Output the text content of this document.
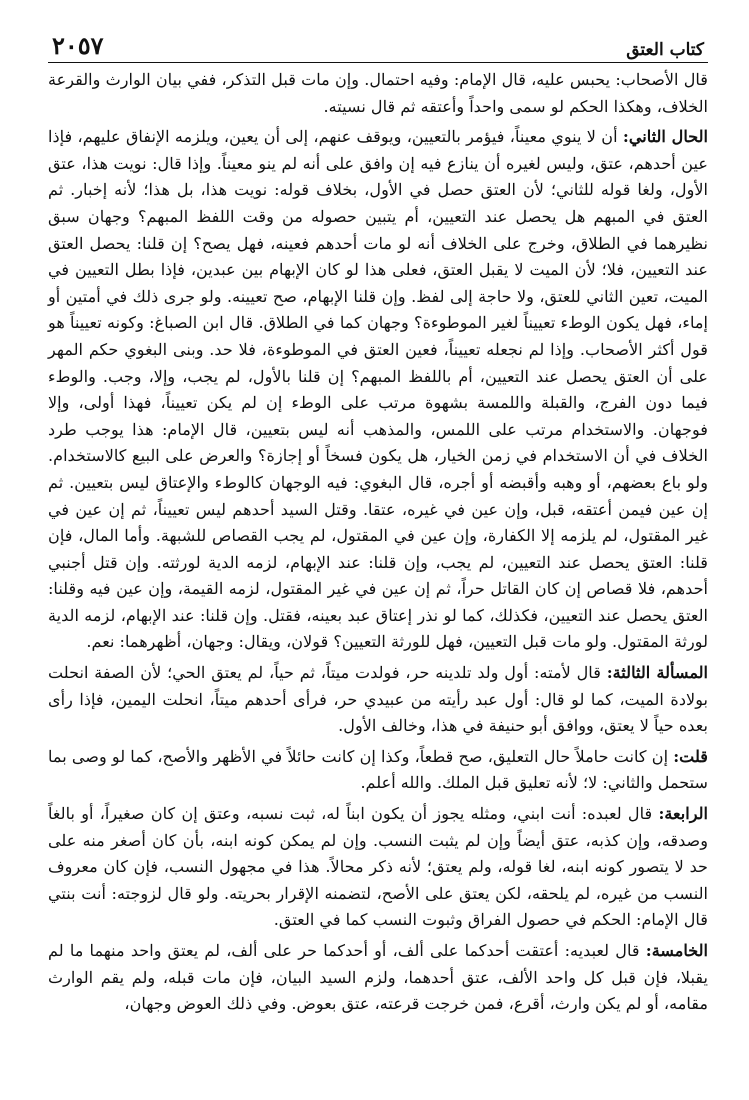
كتاب العتق
٢٠٥٧

قال الأصحاب: يحبس عليه، قال الإمام: وفيه احتمال. وإن مات قبل التذكر، ففي بيان الوارث والقرعة الخلاف، وهكذا الحكم لو سمى واحداً وأعتقه ثم قال نسيته.

الحال الثاني: أن لا ينوي معيناً، فيؤمر بالتعيين، ويوقف عنهم، إلى أن يعين، ويلزمه الإنفاق عليهم، فإذا عين أحدهم، عتق، وليس لغيره أن ينازع فيه إن وافق على أنه لم ينو معيناً. وإذا قال: نويت هذا، عتق الأول، ولغا قوله للثاني؛ لأن العتق حصل في الأول، بخلاف قوله: نويت هذا، بل هذا؛ لأنه إخبار. ثم العتق في المبهم هل يحصل عند التعيين، أم يتبين حصوله من وقت اللفظ المبهم؟ وجهان سبق نظيرهما في الطلاق، وخرج على الخلاف أنه لو مات أحدهم فعينه، فهل يصح؟ إن قلنا: يحصل العتق عند التعيين، فلا؛ لأن الميت لا يقبل العتق، فعلى هذا لو كان الإبهام بين عبدين، فإذا بطل التعيين في الميت، تعين الثاني للعتق، ولا حاجة إلى لفظ. وإن قلنا الإبهام، صح تعيينه. ولو جرى ذلك في أمتين أو إماء، فهل يكون الوطء تعييناً لغير الموطوءة؟ وجهان كما في الطلاق. قال ابن الصباغ: وكونه تعييناً هو قول أكثر الأصحاب. وإذا لم نجعله تعييناً، فعين العتق في الموطوءة، فلا حد. وبنى البغوي حكم المهر على أن العتق يحصل عند التعيين، أم باللفظ المبهم؟ إن قلنا بالأول، لم يجب، وإلا، وجب. والوطء فيما دون الفرج، والقبلة واللمسة بشهوة مرتب على الوطء إن لم يكن تعييناً، فهذا أولى، وإلا فوجهان. والاستخدام مرتب على اللمس، والمذهب أنه ليس بتعيين، قال الإمام: هذا يوجب طرد الخلاف في أن الاستخدام في زمن الخيار، هل يكون فسخاً أو إجازة؟ والعرض على البيع كالاستخدام. ولو باع بعضهم، أو وهبه وأقبضه أو أجره، قال البغوي: فيه الوجهان كالوطء والإعتاق ليس بتعيين. ثم إن عين فيمن أعتقه، قبل، وإن عين في غيره، عتقا. وقتل السيد أحدهم ليس تعييناً، ثم إن عين في غير المقتول، لم يلزمه إلا الكفارة، وإن عين في المقتول، لم يجب القصاص للشبهة. وأما المال، فإن قلنا: العتق يحصل عند التعيين، لم يجب، وإن قلنا: عند الإبهام، لزمه الدية لورثته. وإن قتل أجنبي أحدهم، فلا قصاص إن كان القاتل حراً، ثم إن عين في غير المقتول، لزمه القيمة، وإن عين فيه وقلنا: العتق يحصل عند التعيين، فكذلك، كما لو نذر إعتاق عبد بعينه، فقتل. وإن قلنا: عند الإبهام، لزمه الدية لورثة المقتول. ولو مات قبل التعيين، فهل للورثة التعيين؟ قولان، ويقال: وجهان، أظهرهما: نعم.

المسألة الثالثة: قال لأمته: أول ولد تلدينه حر، فولدت ميتاً، ثم حياً، لم يعتق الحي؛ لأن الصفة انحلت بولادة الميت، كما لو قال: أول عبد رأيته من عبيدي حر، فرأى أحدهم ميتاً، انحلت اليمين، فإذا رأى بعده حياً لا يعتق، ووافق أبو حنيفة في هذا، وخالف الأول.

قلت: إن كانت حاملاً حال التعليق، صح قطعاً، وكذا إن كانت حائلاً في الأظهر والأصح، كما لو وصى بما ستحمل والثاني: لا؛ لأنه تعليق قبل الملك. والله أعلم.

الرابعة: قال لعبده: أنت ابني، ومثله يجوز أن يكون ابناً له، ثبت نسبه، وعتق إن كان صغيراً، أو بالغاً وصدقه، وإن كذبه، عتق أيضاً وإن لم يثبت النسب. وإن لم يمكن كونه ابنه، بأن كان أصغر منه على حد لا يتصور كونه ابنه، لغا قوله، ولم يعتق؛ لأنه ذكر محالاً. هذا في مجهول النسب، فإن كان معروف النسب من غيره، لم يلحقه، لكن يعتق على الأصح، لتضمنه الإقرار بحريته. ولو قال لزوجته: أنت بنتي قال الإمام: الحكم في حصول الفراق وثبوت النسب كما في العتق.

الخامسة: قال لعبديه: أعتقت أحدكما على ألف، أو أحدكما حر على ألف، لم يعتق واحد منهما ما لم يقبلا، فإن قبل كل واحد الألف، عتق أحدهما، ولزم السيد البيان، فإن مات قبله، ولم يقم الوارث مقامه، أو لم يكن وارث، أقرع، فمن خرجت قرعته، عتق بعوض. وفي ذلك العوض وجهان،
